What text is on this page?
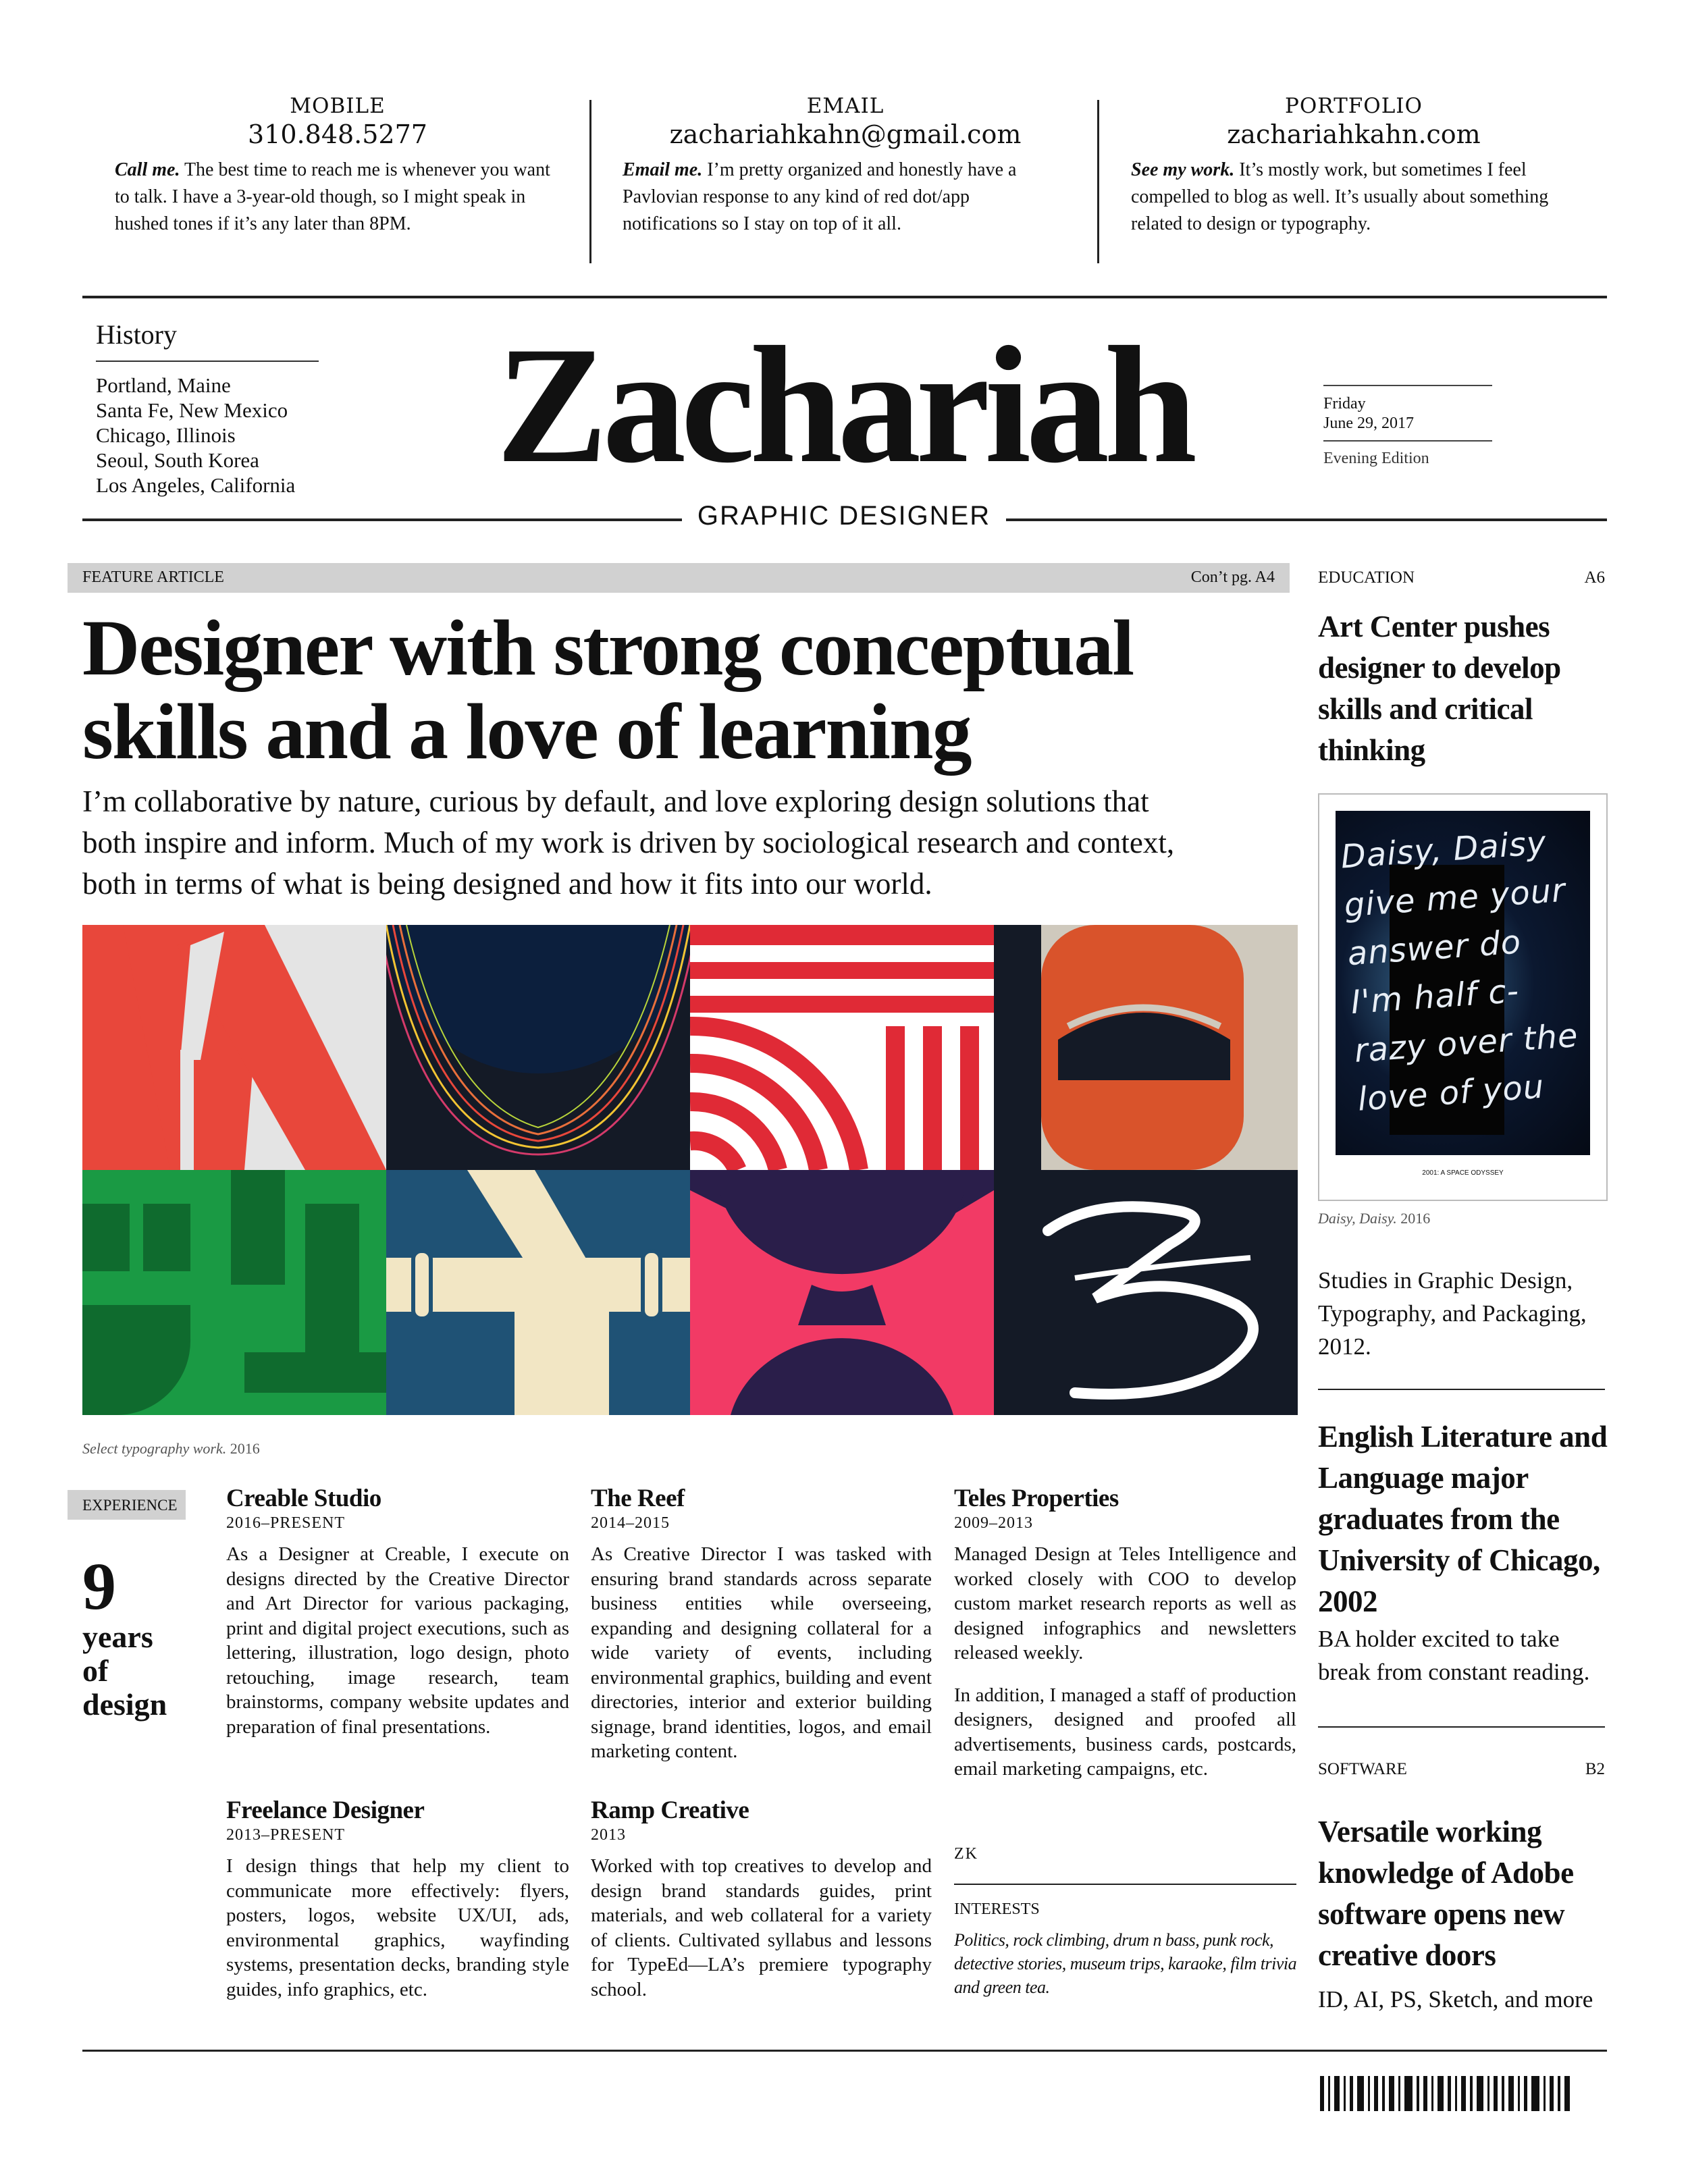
MOBILE
310.848.5277
Call me. The best time to reach me is whenever you want to talk. I have a 3-year-old though, so I might speak in hushed tones if it’s any later than 8PM.
EMAIL
zachariahkahn@gmail.com
Email me. I’m pretty organized and honestly have a Pavlovian response to any kind of red dot/app notifications so I stay on top of it all.
PORTFOLIO
zachariahkahn.com
See my work. It’s mostly work, but sometimes I feel compelled to blog as well. It’s usually about something related to design or typography.
History
Portland, Maine
Santa Fe, New Mexico
Chicago, Illinois
Seoul, South Korea
Los Angeles, California	Zachariah
GRAPHIC DESIGNER
Friday
June 29, 2017
Evening Edition
FEATURE ARTICLE	Con’t pg. A4
Designer with strong conceptual
skills and a love of learning
I’m collaborative by nature, curious by default, and love exploring design solutions that
both inspire and inform. Much of my work is driven by sociological research and context,
both in terms of what is being designed and how it fits into our world.
Select typography work. 2016
EXPERIENCE
9
years
of
design
Creable Studio
2016–PRESENT
As a Designer at Creable, I execute on designs directed by the Creative Director and Art Director for various packaging, print and digital project executions, such as lettering, illustration, logo design, photo retouching, image research, team brainstorms, company website updates and preparation of final presentations.
The Reef
2014–2015
As Creative Director I was tasked with ensuring brand standards across separate business entities while overseeing, expanding and designing collateral for a wide variety of events, including environmental graphics, building and event directories, interior and exterior building signage, brand identities, logos, and email marketing content.
Teles Properties
2009–2013
Managed Design at Teles Intelligence and worked closely with COO to develop custom market research reports as well as designed infographics and newsletters released weekly.
In addition, I managed a staff of production designers, designed and proofed all advertisements, business cards, postcards, email marketing campaigns, etc.
Freelance Designer
2013–PRESENT
I design things that help my client to communicate more effectively: flyers, posters, logos, website UX/UI, ads, environmental graphics, wayfinding systems, presentation decks, branding style guides, info graphics, etc.
Ramp Creative
2013
Worked with top creatives to develop and design brand standards guides, print materials, and web collateral for a variety of clients. Cultivated syllabus and lessons for TypeEd—LA’s premiere typography school.
ZK
INTERESTS
Politics, rock climbing, drum n bass, punk rock, detective stories, museum trips, karaoke, film trivia and green tea.
EDUCATION	A6
Art Center pushes designer to develop skills and critical thinking
Daisy, Daisy
give me your
answer do
I'm half c-
razy over the
love of you
2001: A SPACE ODYSSEY
Daisy, Daisy. 2016
Studies in Graphic Design, Typography, and Packaging, 2012.
English Literature and Language major graduates from the University of Chicago, 2002
BA holder excited to take break from constant reading.
SOFTWARE	B2
Versatile working knowledge of Adobe software opens new creative doors
ID, AI, PS, Sketch, and more
